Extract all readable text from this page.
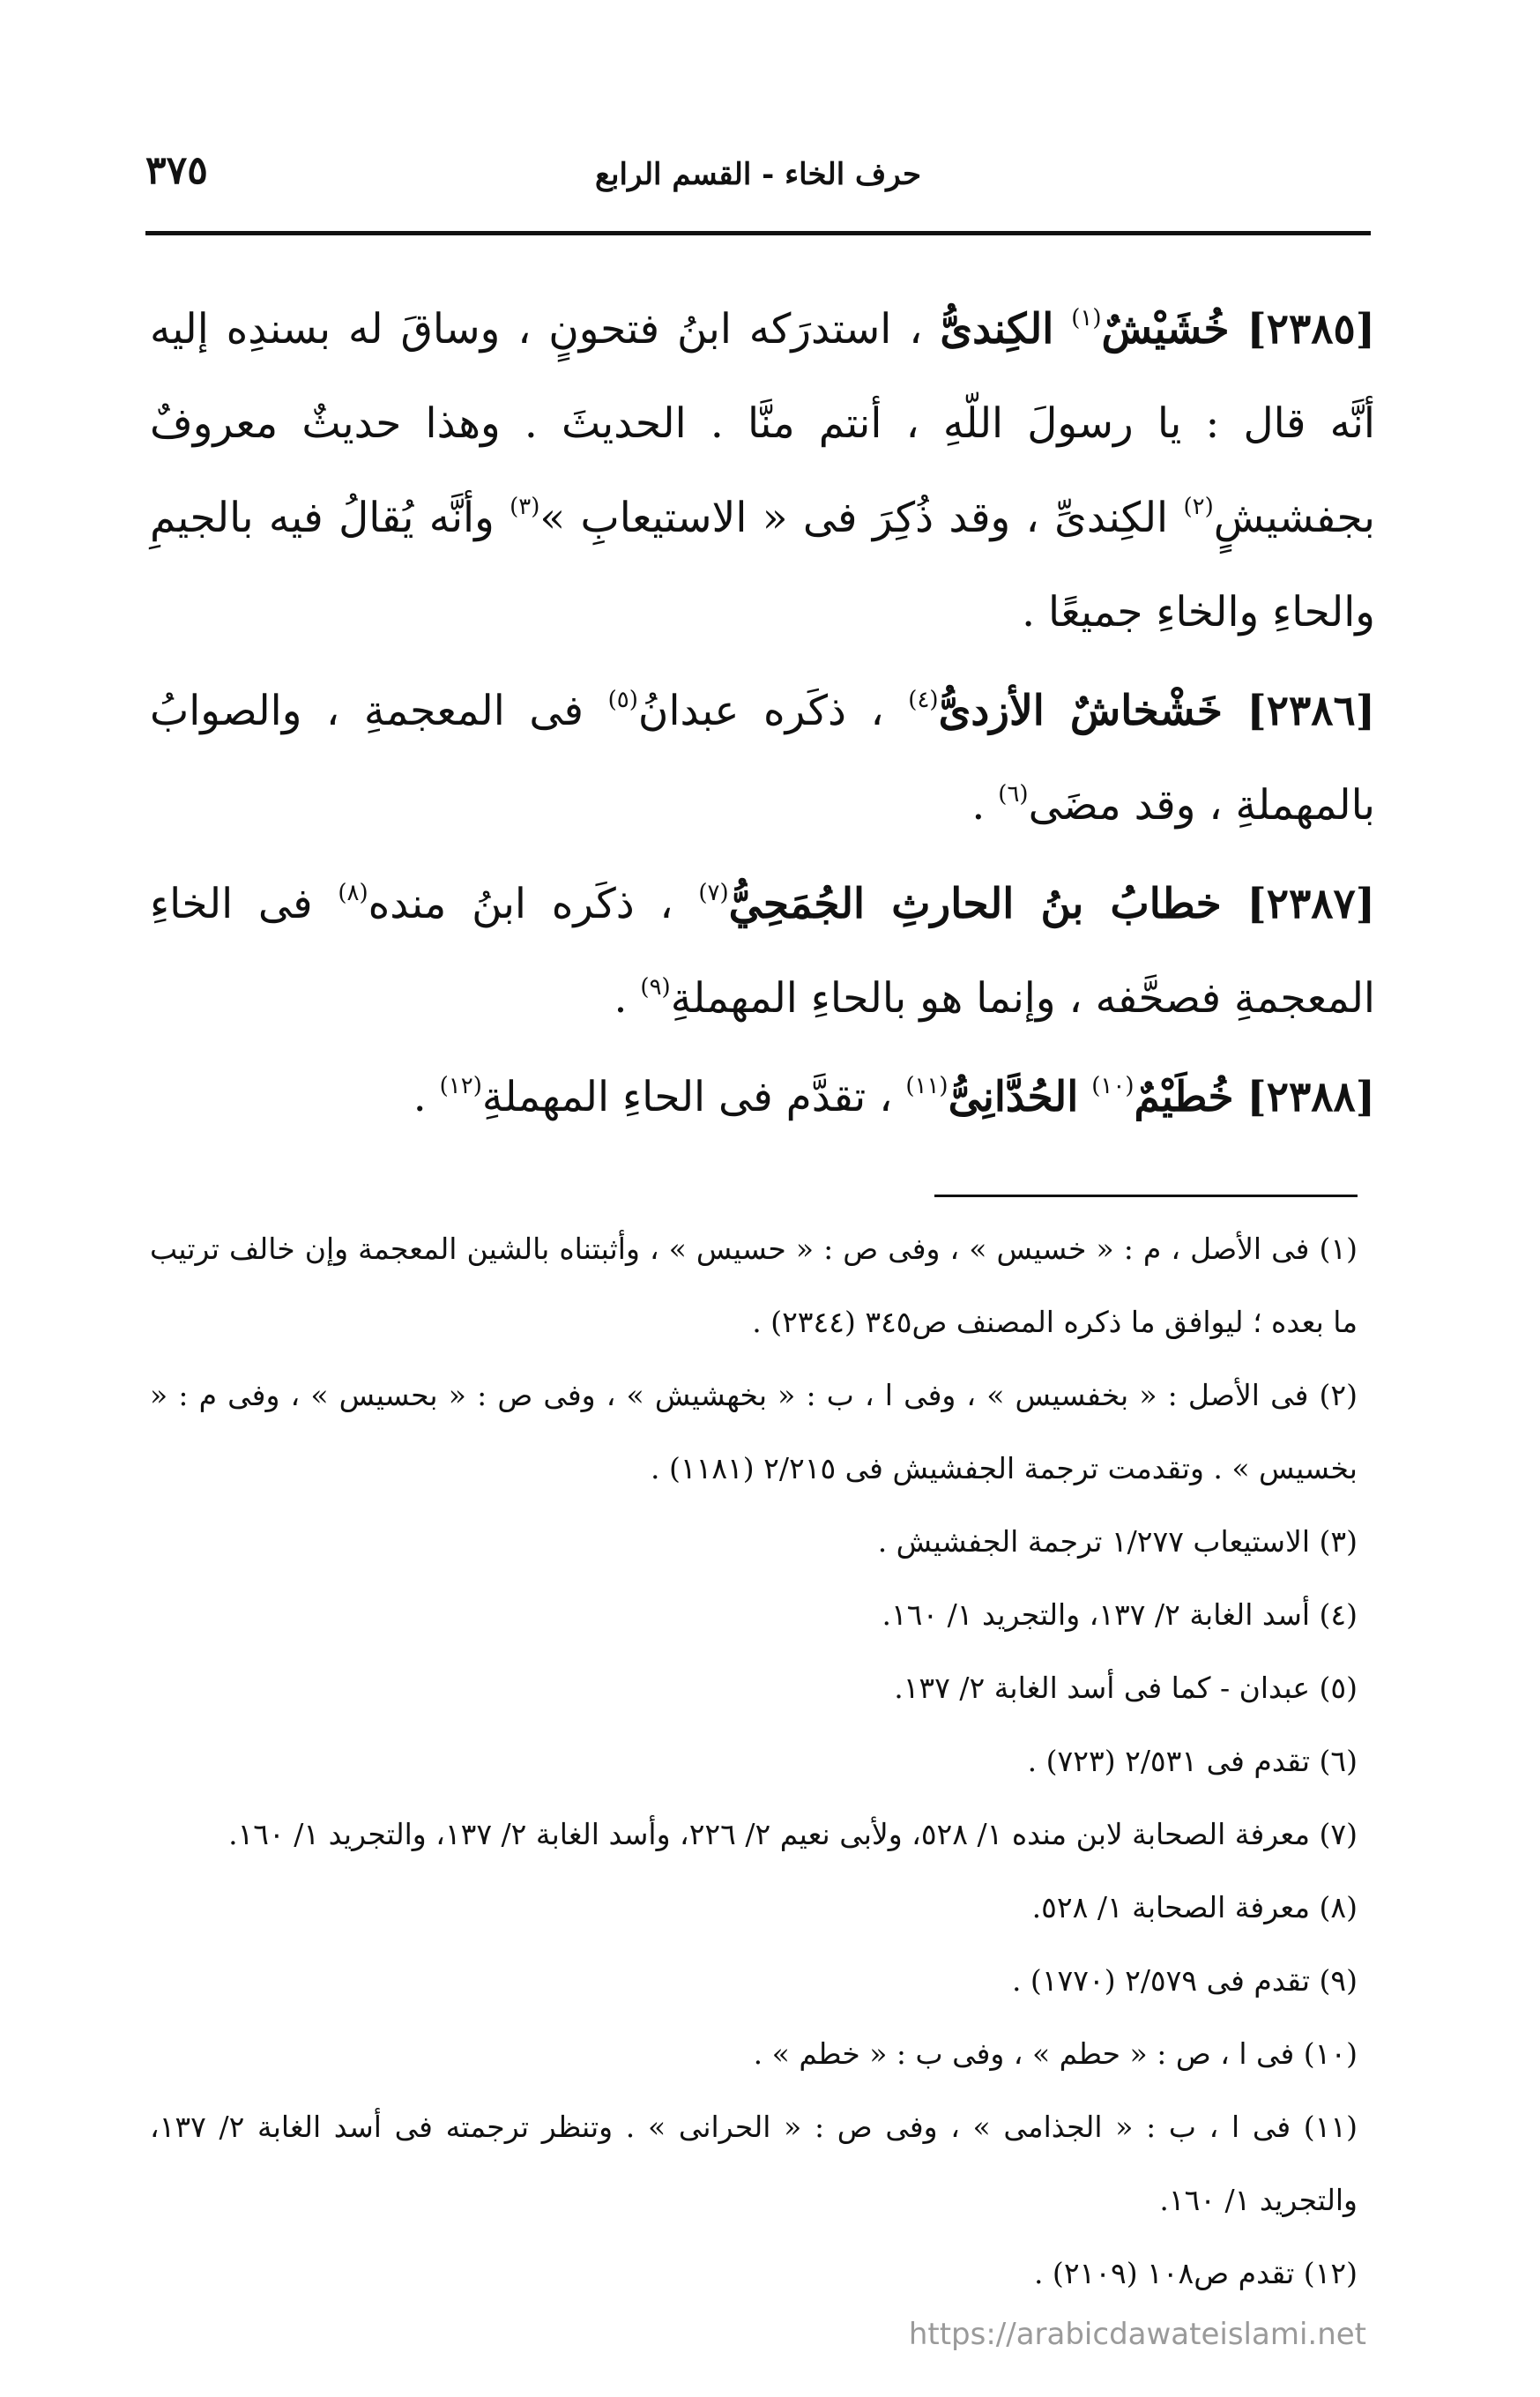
٣٧٥	حرف الخاء - القسم الرابع

[٢٣٨٥] خُشَيْشٌ$^{(١)}$ الكِندىُّ ، استدرَكه ابنُ فتحونٍ ، وساقَ له بسندِه إليه أنَّه قال : يا رسولَ اللّهِ ، أنتم منَّا . الحديثَ . وهذا حديثٌ معروفٌ بجفشيشٍ$^{(٢)}$ الكِندىِّ ، وقد ذُكِرَ فى « الاستيعابِ »$^{(٣)}$ وأنَّه يُقالُ فيه بالجيمِ والحاءِ والخاءِ جميعًا .

[٢٣٨٦] خَشْخاشٌ الأزدىُّ$^{(٤)}$ ، ذكَره عبدانُ$^{(٥)}$ فى المعجمةِ ، والصوابُ بالمهملةِ ، وقد مضَى$^{(٦)}$ .

[٢٣٨٧] خطابُ بنُ الحارثِ الجُمَحِيُّ$^{(٧)}$ ، ذكَره ابنُ منده$^{(٨)}$ فى الخاءِ المعجمةِ فصحَّفه ، وإنما هو بالحاءِ المهملةِ$^{(٩)}$ .

[٢٣٨٨] خُطَيْمٌ$^{(١٠)}$ الحُدَّانِىُّ$^{(١١)}$ ، تقدَّم فى الحاءِ المهملةِ$^{(١٢)}$ .

(١) فى الأصل ، م : « خسيس » ، وفى ص : « حسيس » ، وأثبتناه بالشين المعجمة وإن خالف ترتيب ما بعده ؛ ليوافق ما ذكره المصنف ص٣٤٥ (٢٣٤٤) .

(٢) فى الأصل : « بخفسيس » ، وفى ا ، ب : « بخهشيش » ، وفى ص : « بحسيس » ، وفى م : « بخسيس » . وتقدمت ترجمة الجفشيش فى ٢/٢١٥ (١١٨١) .

(٣) الاستيعاب ١/٢٧٧ ترجمة الجفشيش .

(٤) أسد الغابة ٢/ ١٣٧، والتجريد ١/ ١٦٠.

(٥) عبدان - كما فى أسد الغابة ٢/ ١٣٧.

(٦) تقدم فى ٢/٥٣١ (٧٢٣) .

(٧) معرفة الصحابة لابن منده ١/ ٥٢٨، ولأبى نعيم ٢/ ٢٢٦، وأسد الغابة ٢/ ١٣٧، والتجريد ١/ ١٦٠.

(٨) معرفة الصحابة ١/ ٥٢٨.

(٩) تقدم فى ٢/٥٧٩ (١٧٧٠) .

(١٠) فى ا ، ص : « حطم » ، وفى ب : « خطم » .

(١١) فى ا ، ب : « الجذامى » ، وفى ص : « الحرانى » . وتنظر ترجمته فى أسد الغابة ٢/ ١٣٧، والتجريد ١/ ١٦٠.

(١٢) تقدم ص١٠٨ (٢١٠٩) .

https://arabicdawateislami.net
